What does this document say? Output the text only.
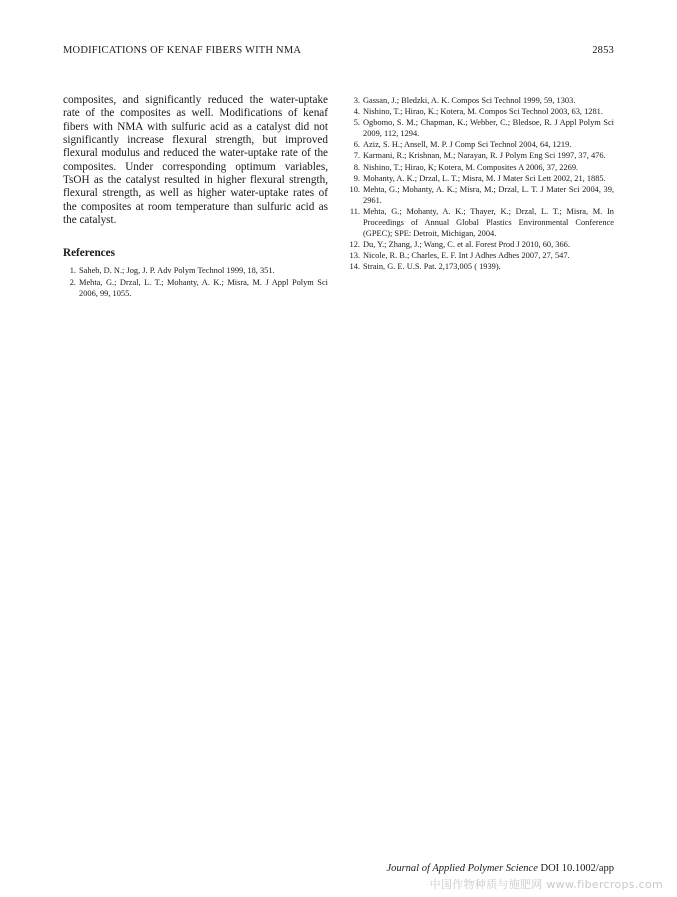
MODIFICATIONS OF KENAF FIBERS WITH NMA	2853

composites, and significantly reduced the water-uptake rate of the composites as well. Modifications of kenaf fibers with NMA with sulfuric acid as a catalyst did not significantly increase flexural strength, but improved flexural modulus and reduced the water-uptake rate of the composites. Under corresponding optimum variables, TsOH as the catalyst resulted in higher flexural strength, flexural strength, as well as higher water-uptake rates of the composites at room temperature than sulfuric acid as the catalyst.

References
1. Saheb, D. N.; Jog, J. P. Adv Polym Technol 1999, 18, 351.
2. Mehta, G.; Drzal, L. T.; Mohanty, A. K.; Misra, M. J Appl Polym Sci 2006, 99, 1055.
3. Gassan, J.; Bledzki, A. K. Compos Sci Technol 1999, 59, 1303.
4. Nishino, T.; Hirao, K.; Kotera, M. Compos Sci Technol 2003, 63, 1281.
5. Ogbomo, S. M.; Chapman, K.; Webber, C.; Bledsoe, R. J Appl Polym Sci 2009, 112, 1294.
6. Aziz, S. H.; Ansell, M. P. J Comp Sci Technol 2004, 64, 1219.
7. Karmani, R.; Krishnan, M.; Narayan, R. J Polym Eng Sci 1997, 37, 476.
8. Nishino, T.; Hirao, K; Kotera, M. Composites A 2006, 37, 2269.
9. Mohanty, A. K.; Drzal, L. T.; Misra, M. J Mater Sci Lett 2002, 21, 1885.
10. Mehta, G.; Mohanty, A. K.; Misra, M.; Drzal, L. T. J Mater Sci 2004, 39, 2961.
11. Mehta, G.; Mohanty, A. K.; Thayer, K.; Drzal, L. T.; Misra, M. In Proceedings of Annual Global Plastics Environmental Conference (GPEC); SPE: Detroit, Michigan, 2004.
12. Du, Y.; Zhang, J.; Wang, C. et al. Forest Prod J 2010, 60, 366.
13. Nicole, R. B.; Charles, E. F. Int J Adhes Adhes 2007, 27, 547.
14. Strain, G. E. U.S. Pat. 2,173,005 ( 1939).
Journal of Applied Polymer Science DOI 10.1002/app
中国作物种质与施肥网 www.fibercrops.com
